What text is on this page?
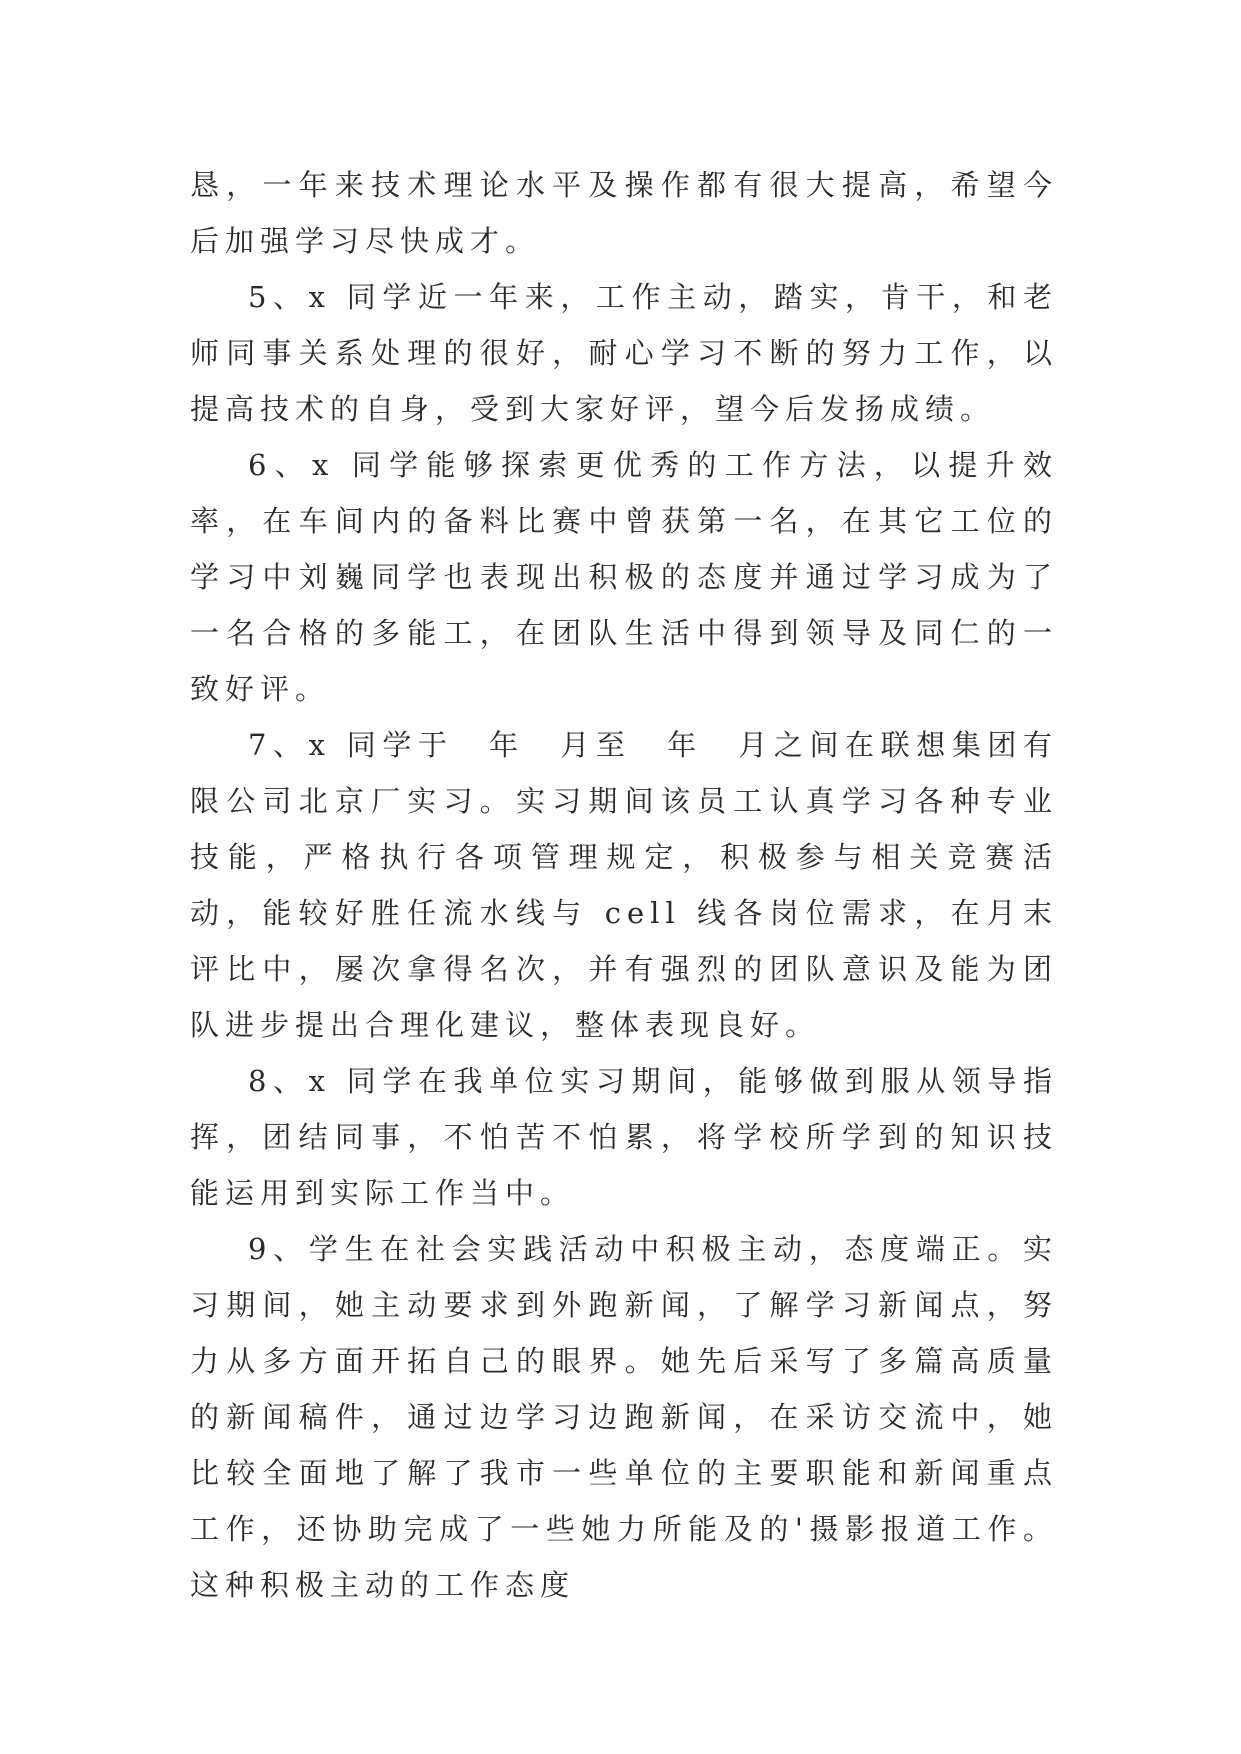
恳，一年来技术理论水平及操作都有很大提高，希望今后加强学习尽快成才。

5、x 同学近一年来，工作主动，踏实，肯干，和老师同事关系处理的很好，耐心学习不断的努力工作，以提高技术的自身，受到大家好评，望今后发扬成绩。

6、x 同学能够探索更优秀的工作方法，以提升效率，在车间内的备料比赛中曾获第一名，在其它工位的学习中刘巍同学也表现出积极的态度并通过学习成为了一名合格的多能工，在团队生活中得到领导及同仁的一致好评。

7、x 同学于　年　月至　年　月之间在联想集团有限公司北京厂实习。实习期间该员工认真学习各种专业技能，严格执行各项管理规定，积极参与相关竞赛活动，能较好胜任流水线与 cell 线各岗位需求，在月末评比中，屡次拿得名次，并有强烈的团队意识及能为团队进步提出合理化建议，整体表现良好。

8、x 同学在我单位实习期间，能够做到服从领导指挥，团结同事，不怕苦不怕累，将学校所学到的知识技能运用到实际工作当中。

9、学生在社会实践活动中积极主动，态度端正。实习期间，她主动要求到外跑新闻，了解学习新闻点，努力从多方面开拓自己的眼界。她先后采写了多篇高质量的新闻稿件，通过边学习边跑新闻，在采访交流中，她比较全面地了解了我市一些单位的主要职能和新闻重点工作，还协助完成了一些她力所能及的'摄影报道工作。这种积极主动的工作态度
